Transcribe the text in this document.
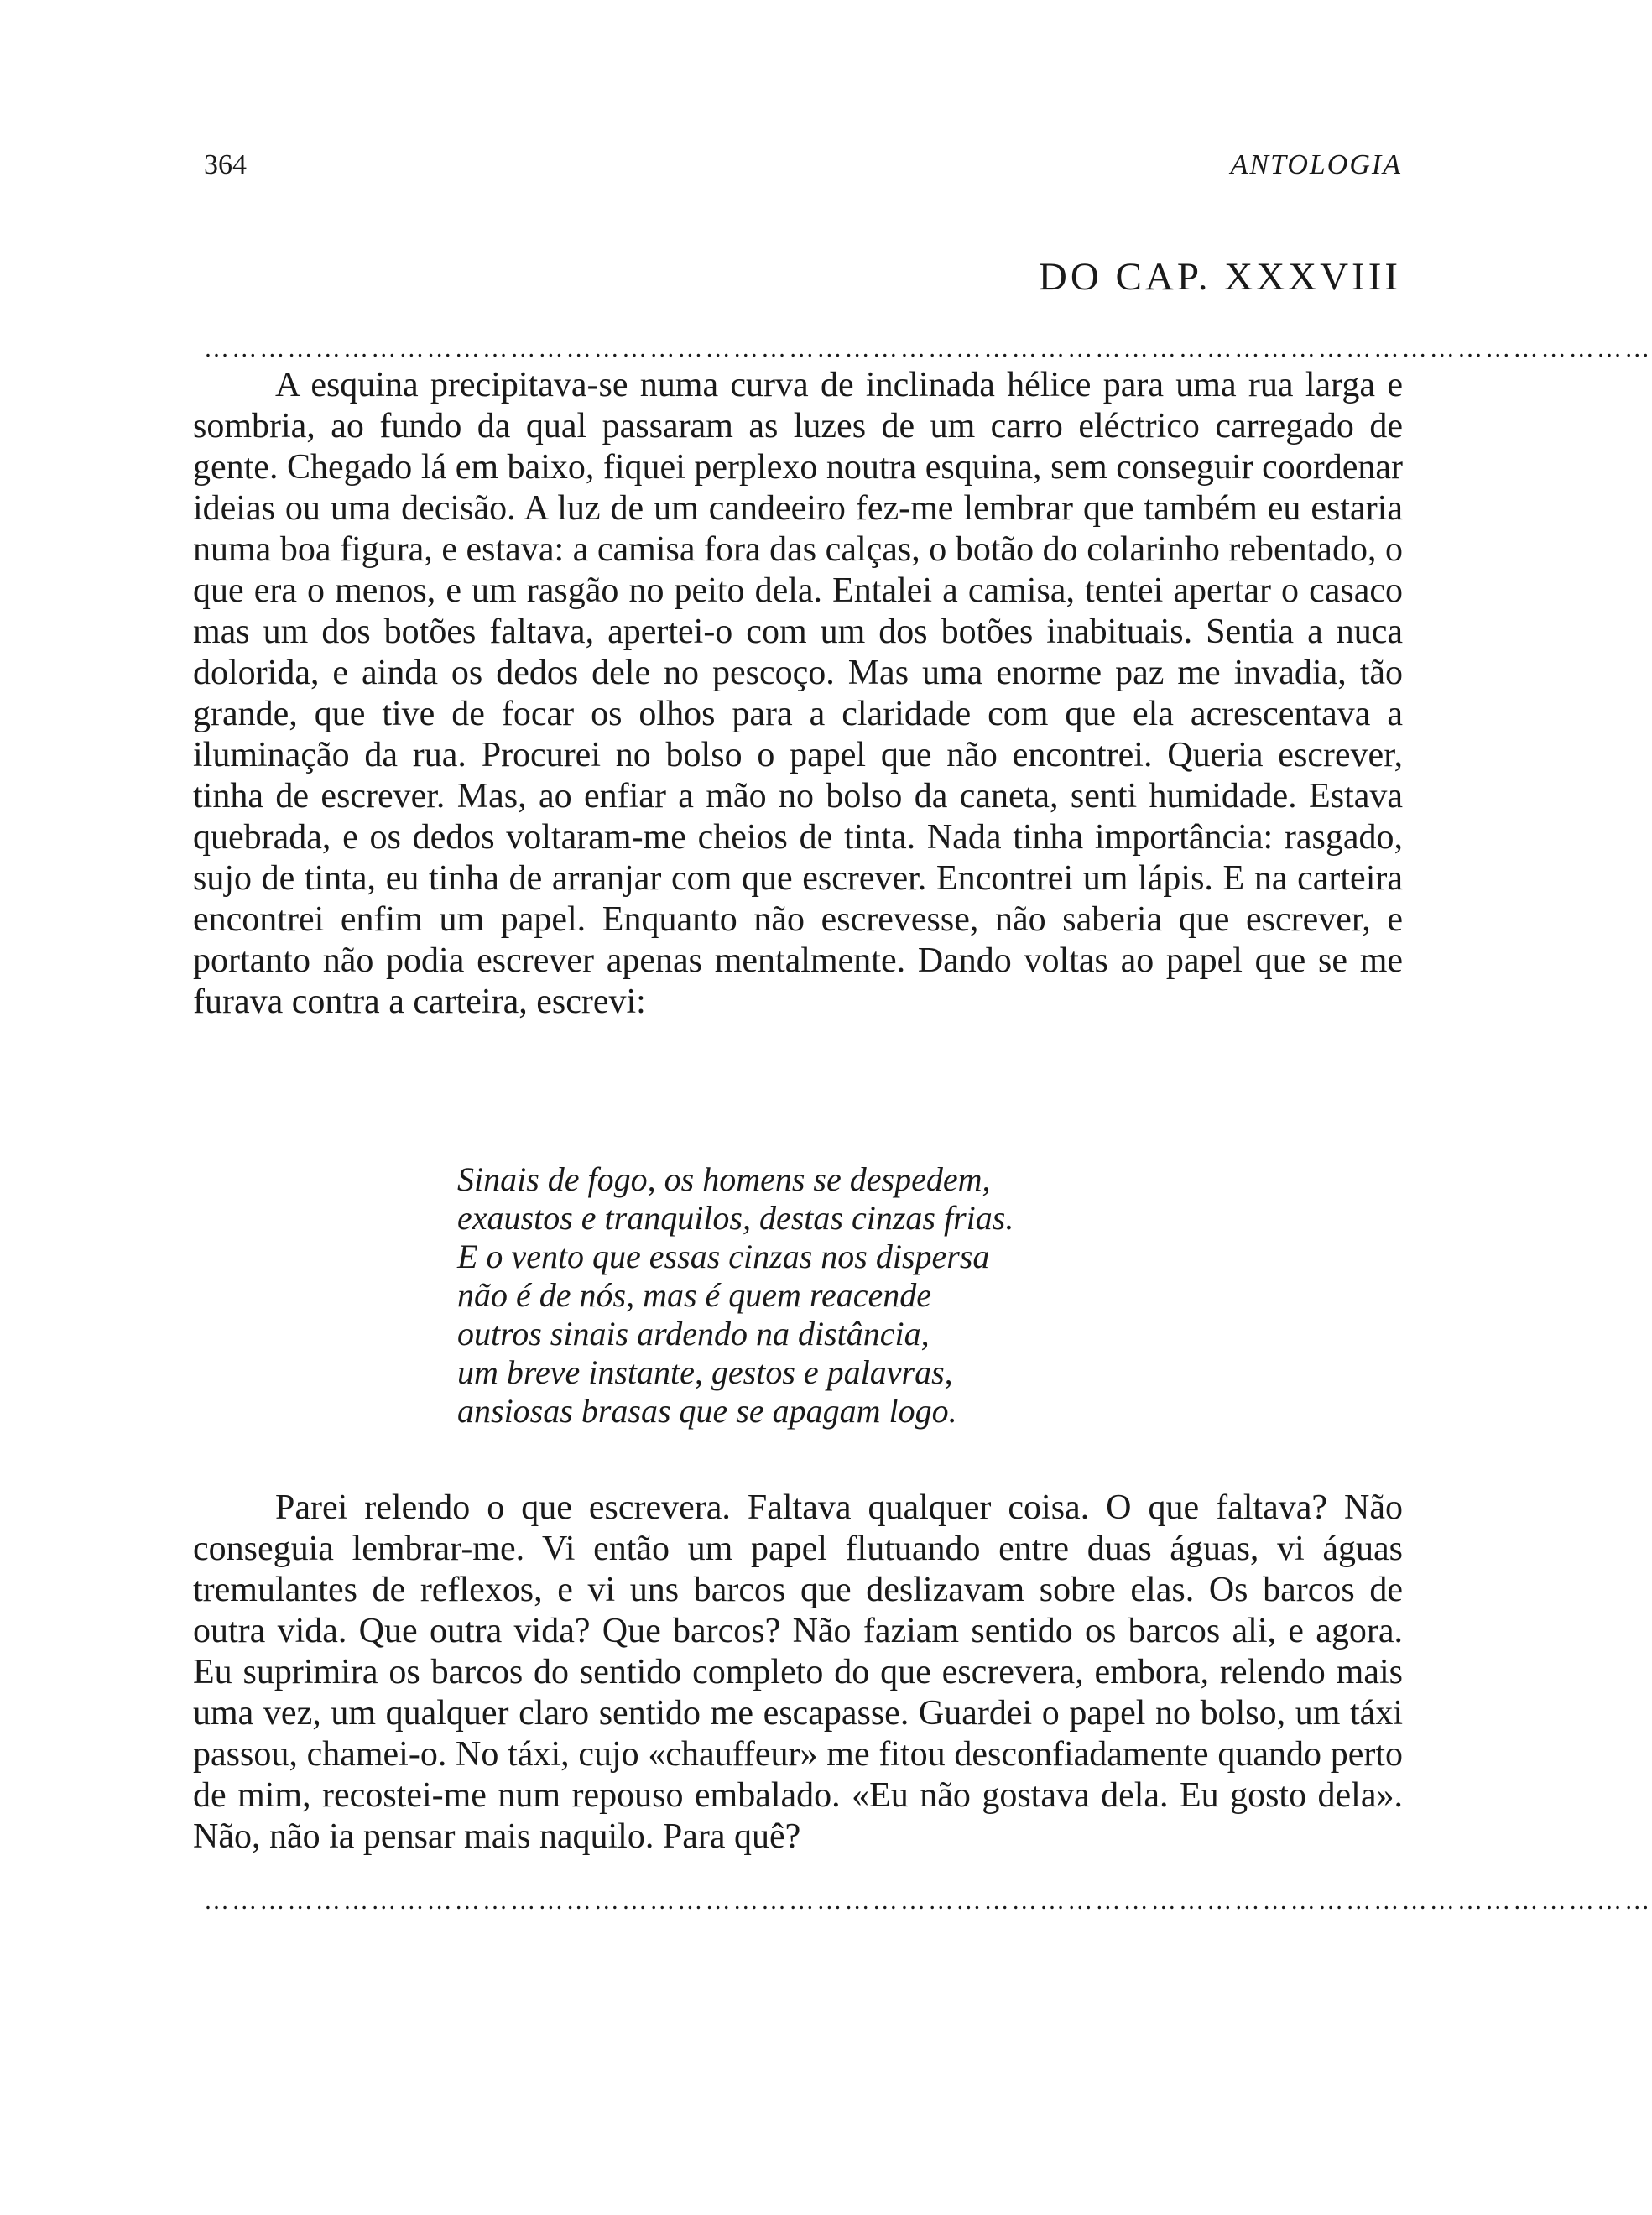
364	ANTOLOGIA
DO CAP. XXXVIII
…………………………………………………………………………………………………………………………………………

A esquina precipitava-se numa curva de inclinada hélice para uma rua larga e sombria, ao fundo da qual passaram as luzes de um carro eléctrico carregado de gente. Chegado lá em baixo, fiquei perplexo noutra esquina, sem conseguir coordenar ideias ou uma decisão. A luz de um candeeiro fez-me lembrar que também eu estaria numa boa figura, e estava: a camisa fora das calças, o botão do colarinho rebentado, o que era o menos, e um rasgão no peito dela. Entalei a camisa, tentei apertar o casaco mas um dos botões faltava, apertei-o com um dos botões inabituais. Sentia a nuca dolorida, e ainda os dedos dele no pescoço. Mas uma enorme paz me invadia, tão grande, que tive de focar os olhos para a claridade com que ela acrescentava a iluminação da rua. Procurei no bolso o papel que não encontrei. Queria escrever, tinha de escrever. Mas, ao enfiar a mão no bolso da caneta, senti humidade. Estava quebrada, e os dedos voltaram-me cheios de tinta. Nada tinha importância: rasgado, sujo de tinta, eu tinha de arranjar com que escrever. Encontrei um lápis. E na carteira encontrei enfim um papel. Enquanto não escrevesse, não saberia que escrever, e portanto não podia escrever apenas mentalmente. Dando voltas ao papel que se me furava contra a carteira, escrevi:

Sinais de fogo, os homens se despedem,
exaustos e tranquilos, destas cinzas frias.
E o vento que essas cinzas nos dispersa
não é de nós, mas é quem reacende
outros sinais ardendo na distância,
um breve instante, gestos e palavras,
ansiosas brasas que se apagam logo.

Parei relendo o que escrevera. Faltava qualquer coisa. O que faltava? Não conseguia lembrar-me. Vi então um papel flutuando entre duas águas, vi águas tremulantes de reflexos, e vi uns barcos que deslizavam sobre elas. Os barcos de outra vida. Que outra vida? Que barcos? Não faziam sentido os barcos ali, e agora. Eu suprimira os barcos do sentido completo do que escrevera, embora, relendo mais uma vez, um qualquer claro sentido me escapasse. Guardei o papel no bolso, um táxi passou, chamei-o. No táxi, cujo «chauffeur» me fitou desconfiadamente quando perto de mim, recostei-me num repouso embalado. «Eu não gostava dela. Eu gosto dela». Não, não ia pensar mais naquilo. Para quê?

…………………………………………………………………………………………………………………………………………
